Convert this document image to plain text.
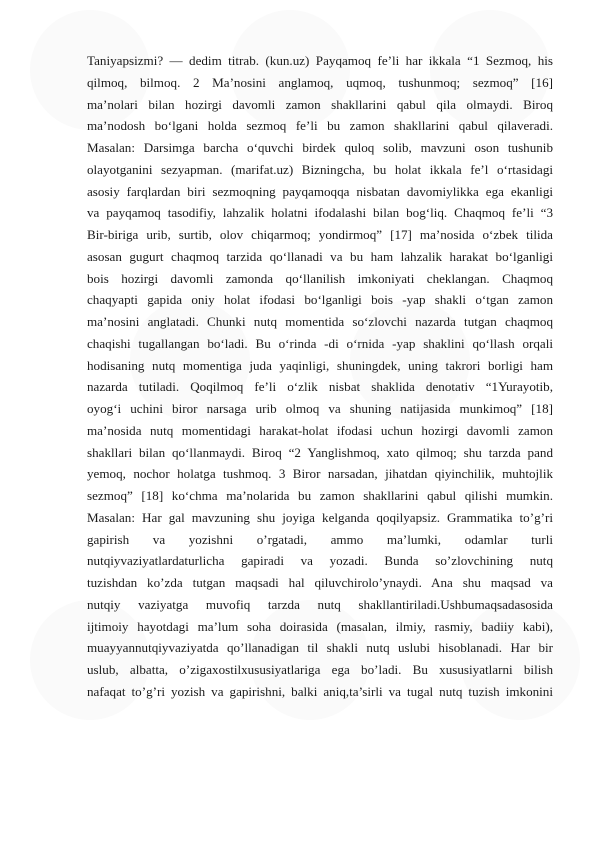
Taniyapsizmi? — dedim titrab. (kun.uz) Payqamoq fe’li har ikkala “1 Sezmoq, his
qilmoq, bilmoq. 2 Ma’nosini anglamoq, uqmoq, tushunmoq; sezmoq” [16]
ma’nolari bilan hozirgi davomli zamon shakllarini qabul qila olmaydi. Biroq
ma’nodosh bo‘lgani holda sezmoq fe’li bu zamon shakllarini qabul qilaveradi.
Masalan: Darsimga barcha o‘quvchi birdek quloq solib, mavzuni oson tushunib
olayotganini sezyapman. (marifat.uz) Bizningcha, bu holat ikkala fe’l o‘rtasidagi
asosiy farqlardan biri sezmoqning payqamoqqa nisbatan davomiylikka ega ekanligi
va payqamoq tasodifiy, lahzalik holatni ifodalashi bilan bog‘liq. Chaqmoq fe’li “3
Bir-biriga urib, surtib, olov chiqarmoq; yondirmoq” [17] ma’nosida o‘zbek tilida
asosan gugurt chaqmoq tarzida qo‘llanadi va bu ham lahzalik harakat bo‘lganligi
bois hozirgi davomli zamonda qo‘llanilish imkoniyati cheklangan. Chaqmoq
chaqyapti gapida oniy holat ifodasi bo‘lganligi bois -yap shakli o‘tgan zamon
ma’nosini anglatadi. Chunki nutq momentida so‘zlovchi nazarda tutgan chaqmoq
chaqishi tugallangan bo‘ladi. Bu o‘rinda -di o‘rnida -yap shaklini qo‘llash orqali
hodisaning nutq momentiga juda yaqinligi, shuningdek, uning takrori borligi ham
nazarda tutiladi. Qoqilmoq fe’li o‘zlik nisbat shaklida denotativ “1Yurayotib,
oyog‘i uchini biror narsaga urib olmoq va shuning natijasida munkimoq” [18]
ma’nosida nutq momentidagi harakat-holat ifodasi uchun hozirgi davomli zamon
shakllari bilan qo‘llanmaydi. Biroq “2 Yanglishmoq, xato qilmoq; shu tarzda pand
yemoq, nochor holatga tushmoq. 3 Biror narsadan, jihatdan qiyinchilik, muhtojlik
sezmoq” [18] ko‘chma ma’nolarida bu zamon shakllarini qabul qilishi mumkin.
Masalan: Har gal mavzuning shu joyiga kelganda qoqilyapsiz. Grammatika to’g’ri
gapirish va yozishni o’rgatadi, ammo ma’lumki, odamlar turli
nutqiyvaziyatlardaturlicha gapiradi va yozadi. Bunda so’zlovchining nutq
tuzishdan ko’zda tutgan maqsadi hal qiluvchirolo’ynaydi. Ana shu maqsad va
nutqiy vaziyatga muvofiq tarzda nutq shakllantiriladi.Ushbumaqsadasosida
ijtimoiy hayotdagi ma’lum soha doirasida (masalan, ilmiy, rasmiy, badiiy kabi),
muayyannutqiyvaziyatda qo’llanadigan til shakli nutq uslubi hisoblanadi. Har bir
uslub, albatta, o’zigaxostilxususiyatlariga ega bo’ladi. Bu xususiyatlarni bilish
nafaqat to’g’ri yozish va gapirishni, balki aniq,ta’sirli va tugal nutq tuzish imkonini
